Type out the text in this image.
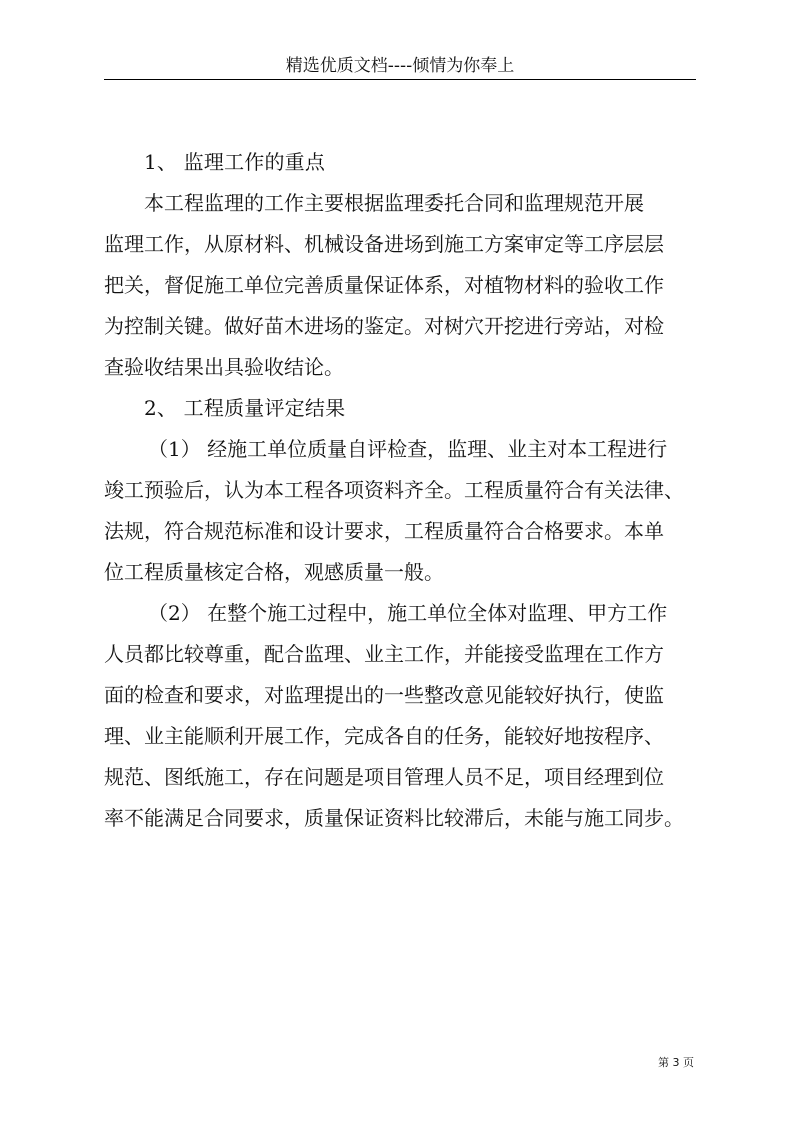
精选优质文档----倾情为你奉上
1、 监理工作的重点
本工程监理的工作主要根据监理委托合同和监理规范开展
监理工作，从原材料、机械设备进场到施工方案审定等工序层层
把关，督促施工单位完善质量保证体系，对植物材料的验收工作
为控制关键。做好苗木进场的鉴定。对树穴开挖进行旁站，对检
查验收结果出具验收结论。
2、 工程质量评定结果
（1） 经施工单位质量自评检查，监理、业主对本工程进行
竣工预验后，认为本工程各项资料齐全。工程质量符合有关法律、
法规，符合规范标准和设计要求，工程质量符合合格要求。本单
位工程质量核定合格，观感质量一般。
（2） 在整个施工过程中，施工单位全体对监理、甲方工作
人员都比较尊重，配合监理、业主工作，并能接受监理在工作方
面的检查和要求，对监理提出的一些整改意见能较好执行，使监
理、业主能顺利开展工作，完成各自的任务，能较好地按程序、
规范、图纸施工，存在问题是项目管理人员不足，项目经理到位
率不能满足合同要求，质量保证资料比较滞后，未能与施工同步。
第 3 页
